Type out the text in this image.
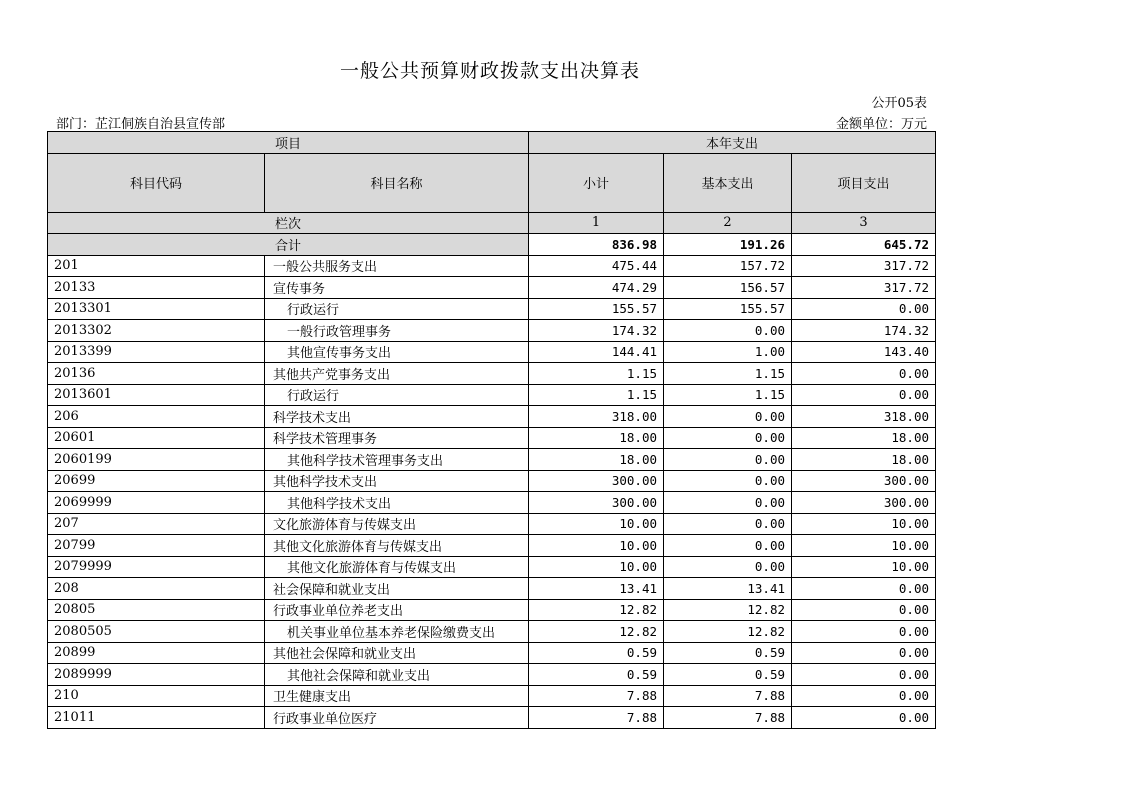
一般公共预算财政拨款支出决算表
公开05表
部门：芷江侗族自治县宣传部	金额单位：万元
项目		本年支出		
科目代码	科目名称	小计	基本支出	项目支出
栏次		1	2	3
合计		836.98	191.26	645.72
201	一般公共服务支出	475.44	157.72	317.72
20133	宣传事务	474.29	156.57	317.72
2013301	行政运行	155.57	155.57	0.00
2013302	一般行政管理事务	174.32	0.00	174.32
2013399	其他宣传事务支出	144.41	1.00	143.40
20136	其他共产党事务支出	1.15	1.15	0.00
2013601	行政运行	1.15	1.15	0.00
206	科学技术支出	318.00	0.00	318.00
20601	科学技术管理事务	18.00	0.00	18.00
2060199	其他科学技术管理事务支出	18.00	0.00	18.00
20699	其他科学技术支出	300.00	0.00	300.00
2069999	其他科学技术支出	300.00	0.00	300.00
207	文化旅游体育与传媒支出	10.00	0.00	10.00
20799	其他文化旅游体育与传媒支出	10.00	0.00	10.00
2079999	其他文化旅游体育与传媒支出	10.00	0.00	10.00
208	社会保障和就业支出	13.41	13.41	0.00
20805	行政事业单位养老支出	12.82	12.82	0.00
2080505	机关事业单位基本养老保险缴费支出	12.82	12.82	0.00
20899	其他社会保障和就业支出	0.59	0.59	0.00
2089999	其他社会保障和就业支出	0.59	0.59	0.00
210	卫生健康支出	7.88	7.88	0.00
21011	行政事业单位医疗	7.88	7.88	0.00
